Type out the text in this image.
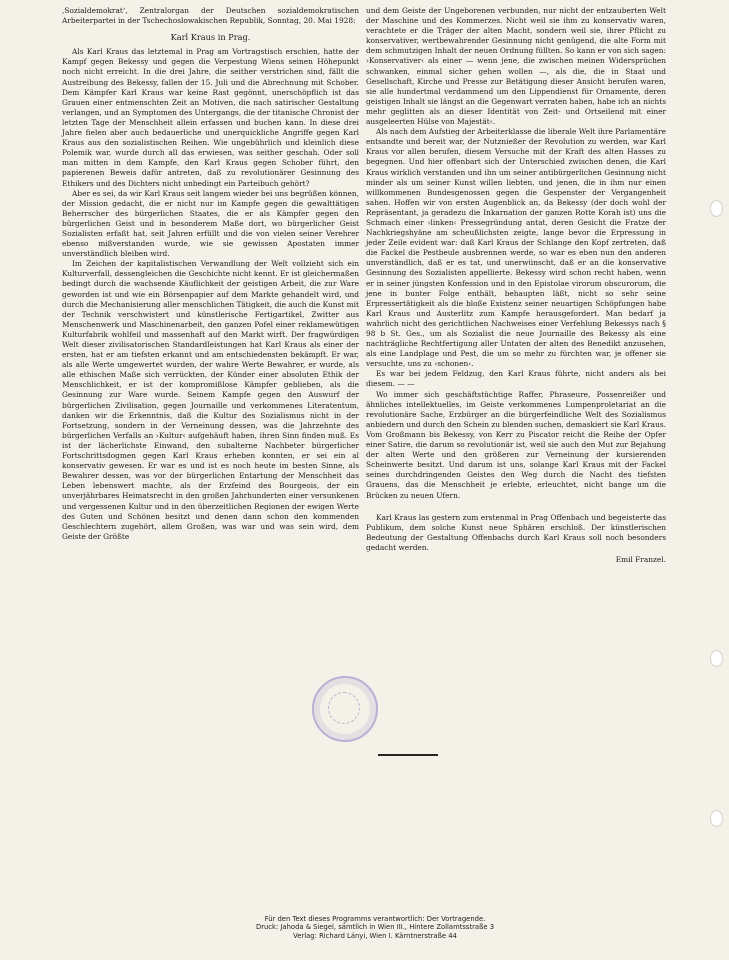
‚Sozialdemokrat‘, Zentralorgan der Deutschen sozialdemokratischen Arbeiterpartei in der Tschechoslowakischen Republik, Sonntag, 20. Mai 1928:

Karl Kraus in Prag.

Als Karl Kraus das letztemal in Prag am Vortragstisch erschien, hatte der Kampf gegen Bekessy und gegen die Verpestung Wiens seinen Höhepunkt noch nicht erreicht. In die drei Jahre, die seither verstrichen sind, fällt die Austreibung des Bekessy, fallen der 15. Juli und die Abrechnung mit Schober. Dem Kämpfer Karl Kraus war keine Rast gegönnt, unerschöpflich ist das Grauen einer entmenschten Zeit an Motiven, die nach satirischer Gestaltung verlangen, und an Symptomen des Untergangs, die der titanische Chronist der letzten Tage der Menschheit allein erfassen und buchen kann. In diese drei Jahre fielen aber auch bedauerliche und unerquickliche Angriffe gegen Karl Kraus aus den sozialistischen Reihen. Wie ungebührlich und kleinlich diese Polemik war, wurde durch all das erwiesen, was seither geschah. Oder soll man mitten in dem Kampfe, den Karl Kraus gegen Schober führt, den papierenen Beweis dafür antreten, daß zu revolutionärer Gesinnung des Ethikers und des Dichters nicht unbedingt ein Parteibuch gehört?

Aber es sei, da wir Karl Kraus seit langem wieder bei uns begrüßen können, der Mission gedacht, die er nicht nur im Kampfe gegen die gewalttätigen Beherrscher des bürgerlichen Staates, die er als Kämpfer gegen den bürgerlichen Geist und in besonderem Maße dort, wo bürgerlicher Geist Sozialisten erfaßt hat, seit Jahren erfüllt und die von vielen seiner Verehrer ebenso mißverstanden wurde, wie sie gewissen Apostaten immer unverständlich bleiben wird.

Im Zeichen der kapitalistischen Verwandlung der Welt vollzieht sich ein Kulturverfall, dessengleichen die Geschichte nicht kennt. Er ist gleichermaßen bedingt durch die wachsende Käuflichkeit der geistigen Arbeit, die zur Ware geworden ist und wie ein Börsenpapier auf dem Markte gehandelt wird, und durch die Mechanisierung aller menschlichen Tätigkeit, die auch die Kunst mit der Technik verschwistert und künstlerische Fertigartikel, Zwitter aus Menschenwerk und Maschinenarbeit, den ganzen Pofel einer reklamewütigen Kulturfabrik wohlfeil und massenhaft auf den Markt wirft. Der fragwürdigen Welt dieser zivilisatorischen Standardleistungen hat Karl Kraus als einer der ersten, hat er am tiefsten erkannt und am entschiedensten bekämpft. Er war, als alle Werte umgewertet wurden, der wahre Werte Bewahrer, er wurde, als alle ethischen Maße sich verrückten, der Künder einer absoluten Ethik der Menschlichkeit, er ist der kompromißlose Kämpfer geblieben, als die Gesinnung zur Ware wurde. Seinem Kampfe gegen den Auswurf der bürgerlichen Zivilisation, gegen Journaille und verkommenes Literatentum, danken wir die Erkenntnis, daß die Kultur des Sozialismus nicht in der Fortsetzung, sondern in der Verneinung dessen, was die Jahrzehnte des bürgerlichen Verfalls an ›Kultur‹ aufgehäuft haben, ihren Sinn finden muß. Es ist der lächerlichste Einwand, den subalterne Nachbeter bürgerlicher Fortschrittsdogmen gegen Karl Kraus erheben konnten, er sei ein al konservativ gewesen. Er war es und ist es noch heute im besten Sinne, als Bewahrer dessen, was vor der bürgerlichen Entartung der Menschheit das Leben lebenswert machte, als der Erzfeind des Bourgeois, der ein unverjährbares Heimatsrecht in den großen Jahrhunderten einer versunkenen und vergessenen Kultur und in den überzeitlichen Regionen der ewigen Werte des Guten und Schönen besitzt und denen dann schon den kommenden Geschlechtern zugehört, allem Großen, was war und was sein wird, dem Geiste der Größte

und dem Geiste der Ungeborenen verbunden, nur nicht der entzauberten Welt der Maschine und des Kommerzes. Nicht weil sie ihm zu konservativ waren, verachtete er die Träger der alten Macht, sondern weil sie, ihrer Pflicht zu konservativer, wertbewahrender Gesinnung nicht genügend, die alte Form mit dem schmutzigen Inhalt der neuen Ordnung füllten. So kann er von sich sagen: ›Konservativer‹ als einer — wenn jene, die zwischen meinen Widersprüchen schwanken, einmal sicher gehen wollen —, als die, die in Staat und Gesellschaft, Kirche und Presse zur Betätigung dieser Ansicht berufen waren, sie alle hundertmal verdammend um den Lippendienst für Ornamente, deren geistigen Inhalt sie längst an die Gegenwart verraten haben, habe ich an nichts mehr geglitten als an dieser Identität von Zeit- und Ortseilend mit einer ausgeleerten Hülse von Majestät‹.

Als nach dem Aufstieg der Arbeiterklasse die liberale Welt ihre Parlamentäre entsandte und bereit war, der Nutznießer der Revolution zu werden, war Karl Kraus vor allen berufen, diesem Versuche mit der Kraft des alten Hasses zu begegnen. Und hier offenbart sich der Unterschied zwischen denen, die Karl Kraus wirklich verstanden und ihn um seiner antibürgerlichen Gesinnung nicht minder als um seiner Kunst willen liebten, und jenen, die in ihm nur einen willkommenen Bundesgenossen gegen die Gespenster der Vergangenheit sahen. Hoffen wir von ersten Augenblick an, da Bekessy (der doch wohl der Repräsentant, ja geradezu die Inkarnation der ganzen Rotte Korah ist) uns die Schmach einer ›linken‹ Pressegründung antat, deren Gesicht die Fratze der Nachkriegshyäne am scheußlichsten zeigte, lange bevor die Erpressung in jeder Zeile evident war: daß Karl Kraus der Schlange den Kopf zertreten, daß die Fackel die Pestbeule ausbrennen werde, so war es eben nun den anderen unverständlich, daß er es tat, und unerwünscht, daß er an die konservative Gesinnung des Sozialisten appellierte. Bekessy wird schon recht haben, wenn er in seiner jüngsten Konfession und in den Epistolae virorum obscurorum, die jene in bunter Folge enthält, behaupten läßt, nicht so sehr seine Erpressertätigkeit als die bloße Existenz seiner neuartigen Schöpfungen habe Karl Kraus und Austerlitz zum Kampfe herausgefordert. Man bedarf ja wahrlich nicht des gerichtlichen Nachweises einer Verfehlung Bekessys nach § 98 b St. Ges., um als Sozialist die neue Journaille des Bekessy als eine nachträgliche Rechtfertigung aller Untaten der alten des Benedikt anzusehen, als eine Landplage und Pest, die um so mehr zu fürchten war, je offener sie versuchte, uns zu ›schonen‹.

Es war bei jedem Feldzug, den Karl Kraus führte, nicht anders als bei diesem. — —

Wo immer sich geschäftstüchtige Raffer, Phraseure, Possenreißer und ähnliches intellektuelles, im Geiste verkommenes Lumpenproletariat an die revolutionäre Sache, Erzbürger an die bürgerfeindliche Welt des Sozialismus anbiedern und durch den Schein zu blenden suchen, demaskiert sie Karl Kraus. Vom Großmann bis Bekessy, von Kerr zu Piscator reicht die Reihe der Opfer einer Satire, die darum so revolutionär ist, weil sie auch den Mut zur Bejahung der alten Werte und den größeren zur Verneinung der kursierenden Scheinwerte besitzt. Und darum ist uns, solange Karl Kraus mit der Fackel seines durchdringenden Geistes den Weg durch die Nacht des tiefsten Grauens, das die Menschheit je erlebte, erleuchtet, nicht bange um die Brücken zu neuen Ufern.

Karl Kraus las gestern zum erstenmal in Prag Offenbach und begeisterte das Publikum, dem solche Kunst neue Sphären erschloß. Der künstlerischen Bedeutung der Gestaltung Offenbachs durch Karl Kraus soll noch besonders gedacht werden.

Emil Franzel.
Für den Text dieses Programms verantwortlich: Der Vortragende.
Druck: Jahoda & Siegel, sämtlich in Wien III., Hintere Zollamtsstraße 3
Verlag: Richard Lányi, Wien I. Kärntnerstraße 44
